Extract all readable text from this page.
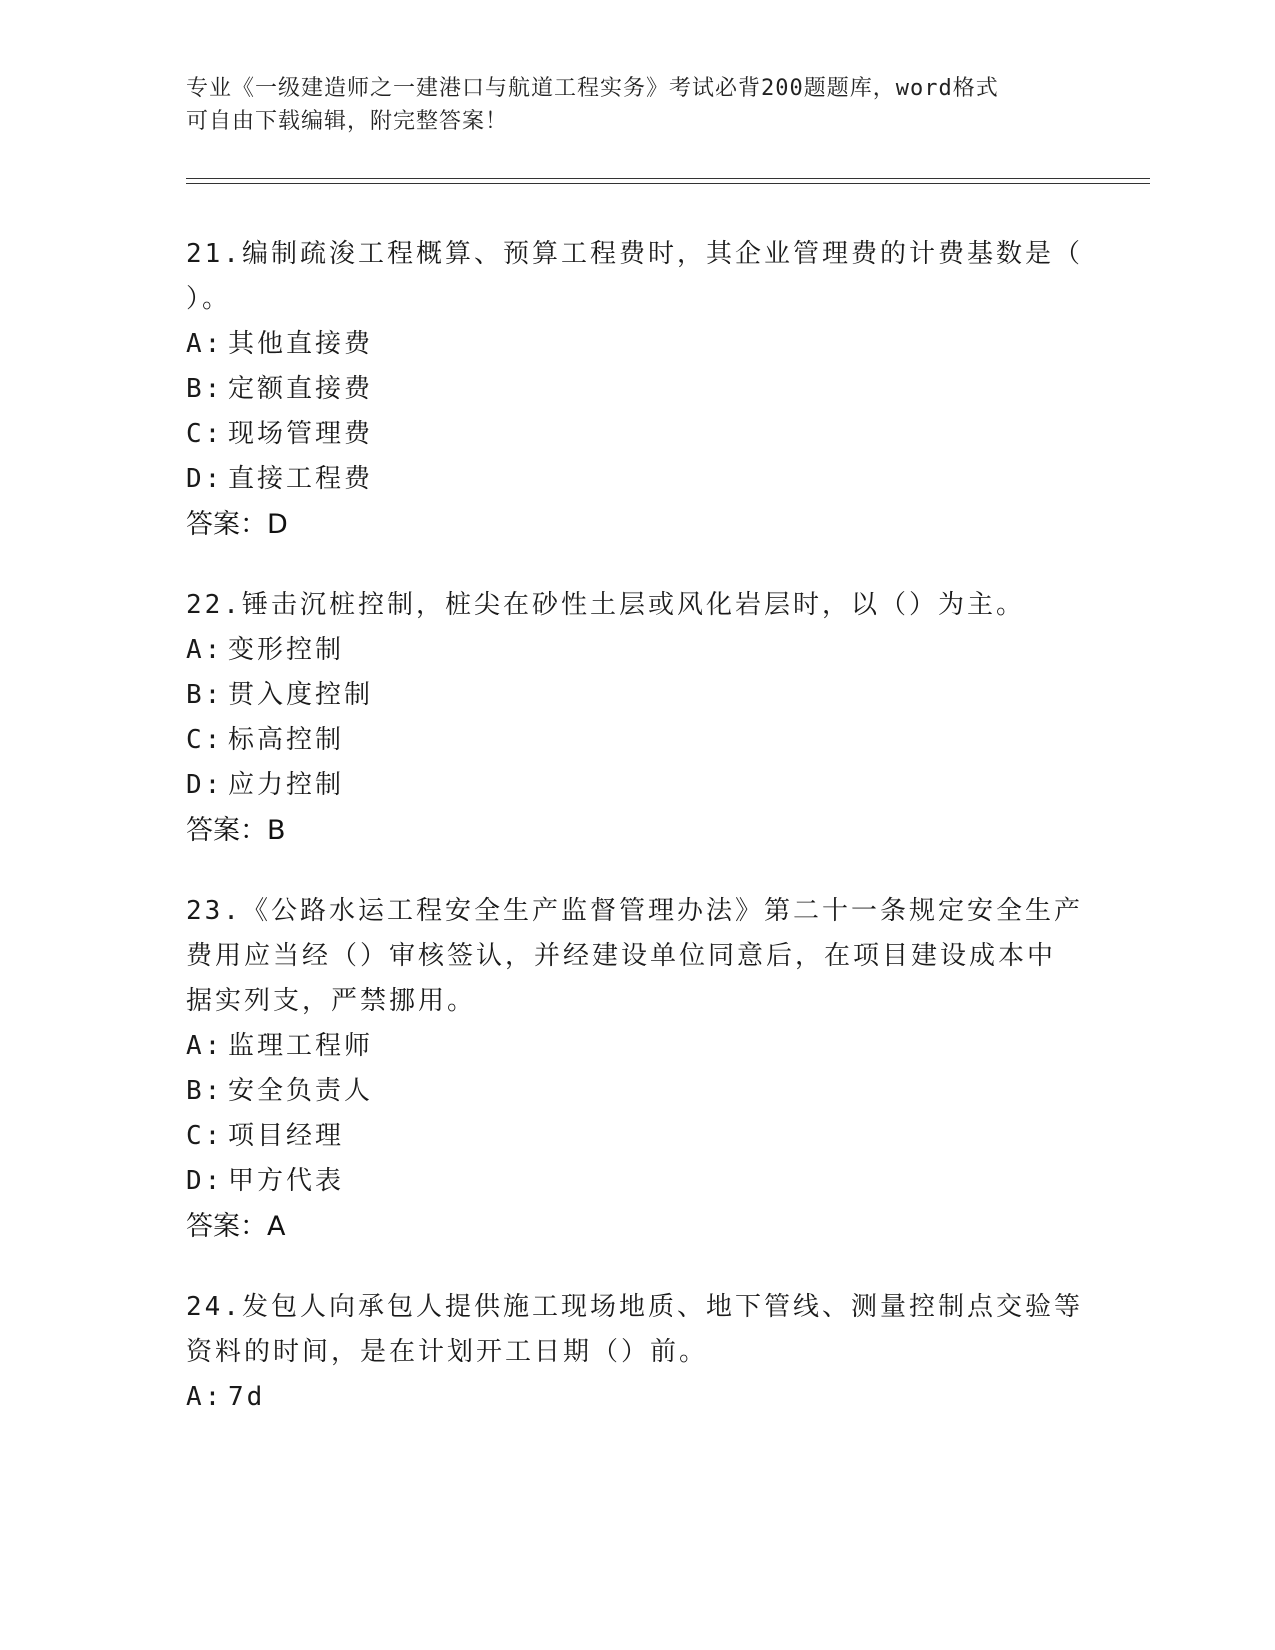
专业《一级建造师之一建港口与航道工程实务》考试必背200题题库，word格式
可自由下载编辑，附完整答案！
21.编制疏浚工程概算、预算工程费时，其企业管理费的计费基数是（
）。
A: 其他直接费
B: 定额直接费
C: 现场管理费
D: 直接工程费
答案：D
22.锤击沉桩控制，桩尖在砂性土层或风化岩层时，以（）为主。
A: 变形控制
B: 贯入度控制
C: 标高控制
D: 应力控制
答案：B
23.《公路水运工程安全生产监督管理办法》第二十一条规定安全生产
费用应当经（）审核签认，并经建设单位同意后，在项目建设成本中
据实列支，严禁挪用。
A: 监理工程师
B: 安全负责人
C: 项目经理
D: 甲方代表
答案：A
24.发包人向承包人提供施工现场地质、地下管线、测量控制点交验等
资料的时间，是在计划开工日期（）前。
A: 7d
